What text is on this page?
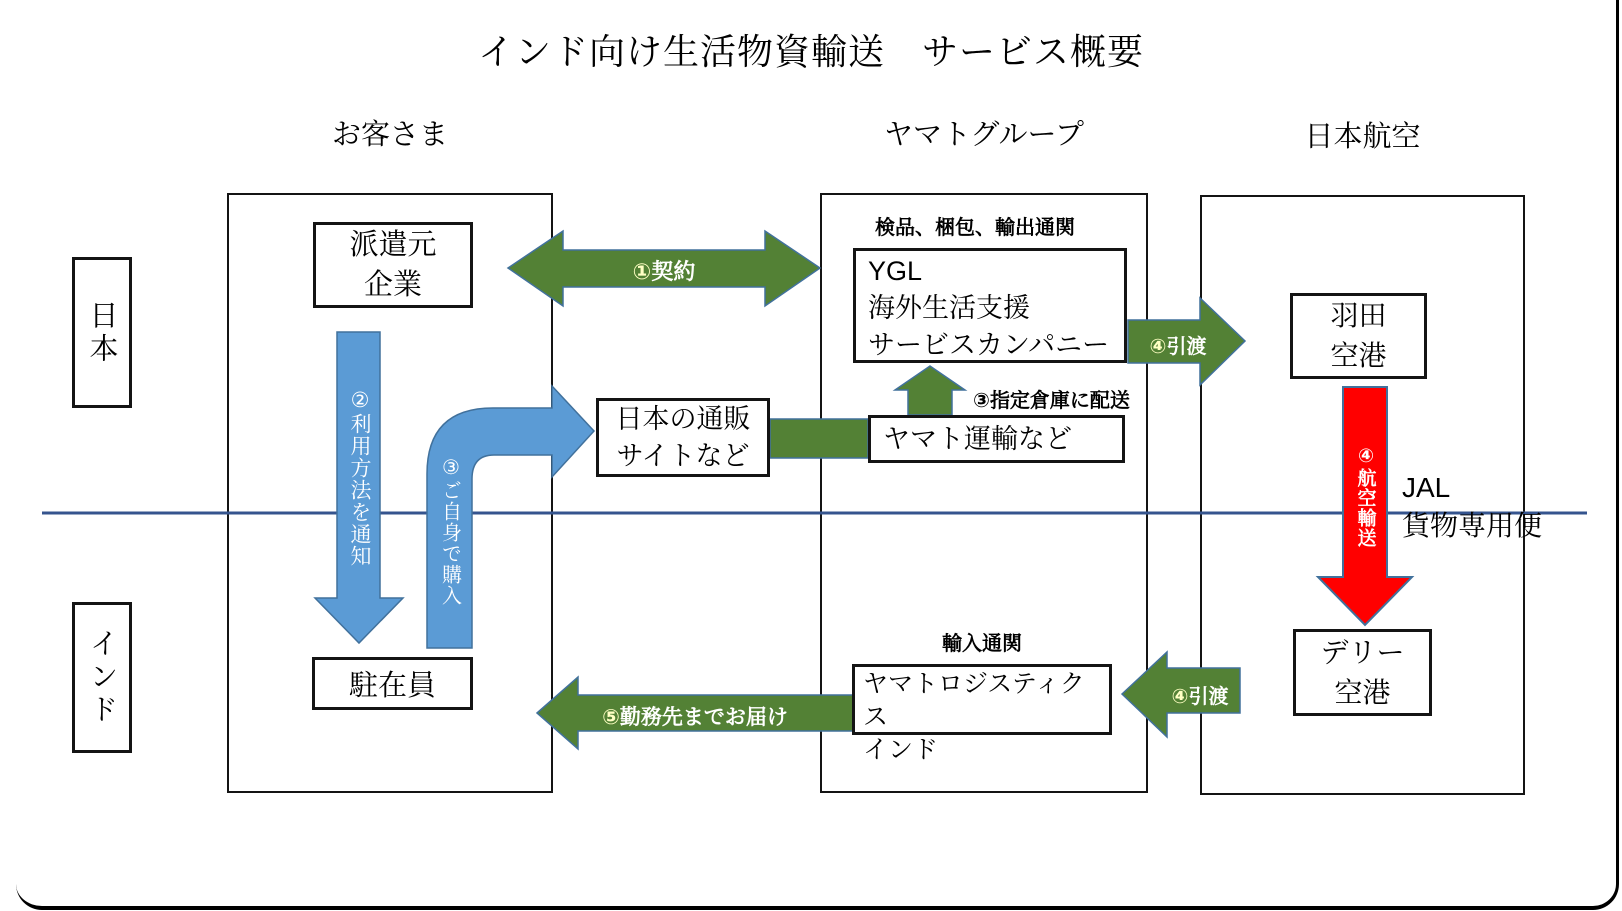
インド向け生活物資輸送　サービス概要
お客さま	ヤマトグループ	日本航空
日本
インド
派遣元
企業
駐在員
日本の通販
サイトなど
検品、梱包、輸出通関
YGL
海外生活支援
サービスカンパニー
③指定倉庫に配送
ヤマト運輸など
羽田
空港
デリー
空港
輸入通関
ヤマトロジスティクス
インド
JAL
貨物専用便
①契約
②
利用方法を通知	③
ご自身で購入
④引渡
④
航空輸送
④引渡
⑤勤務先までお届け
